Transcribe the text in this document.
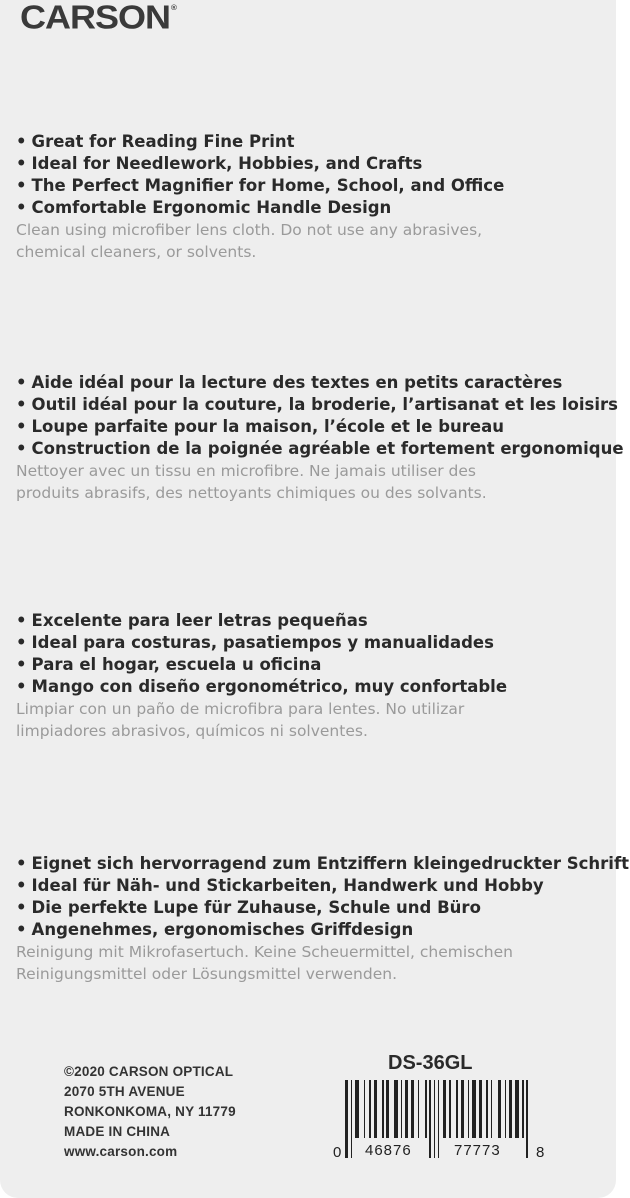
CARSON®
• Great for Reading Fine Print
• Ideal for Needlework, Hobbies, and Crafts
• The Perfect Magnifier for Home, School, and Office
• Comfortable Ergonomic Handle Design

Clean using microfiber lens cloth. Do not use any abrasives,
chemical cleaners, or solvents.

• Aide idéal pour la lecture des textes en petits caractères
• Outil idéal pour la couture, la broderie, l’artisanat et les loisirs
• Loupe parfaite pour la maison, l’école et le bureau
• Construction de la poignée agréable et fortement ergonomique

Nettoyer avec un tissu en microfibre. Ne jamais utiliser des
produits abrasifs, des nettoyants chimiques ou des solvants.

• Excelente para leer letras pequeñas
• Ideal para costuras, pasatiempos y manualidades
• Para el hogar, escuela u oficina
• Mango con diseño ergonométrico, muy confortable

Limpiar con un paño de microfibra para lentes. No utilizar
limpiadores abrasivos, químicos ni solventes.

• Eignet sich hervorragend zum Entziffern kleingedruckter Schrift
• Ideal für Näh- und Stickarbeiten, Handwerk und Hobby
• Die perfekte Lupe für Zuhause, Schule und Büro
• Angenehmes, ergonomisches Griffdesign

Reinigung mit Mikrofasertuch. Keine Scheuermittel, chemischen
Reinigungsmittel oder Lösungsmittel verwenden.

©2020 CARSON OPTICAL
2070 5TH AVENUE
RONKONKOMA, NY 11779
MADE IN CHINA
www.carson.com
DS-36GL
0 46876	77773 8
